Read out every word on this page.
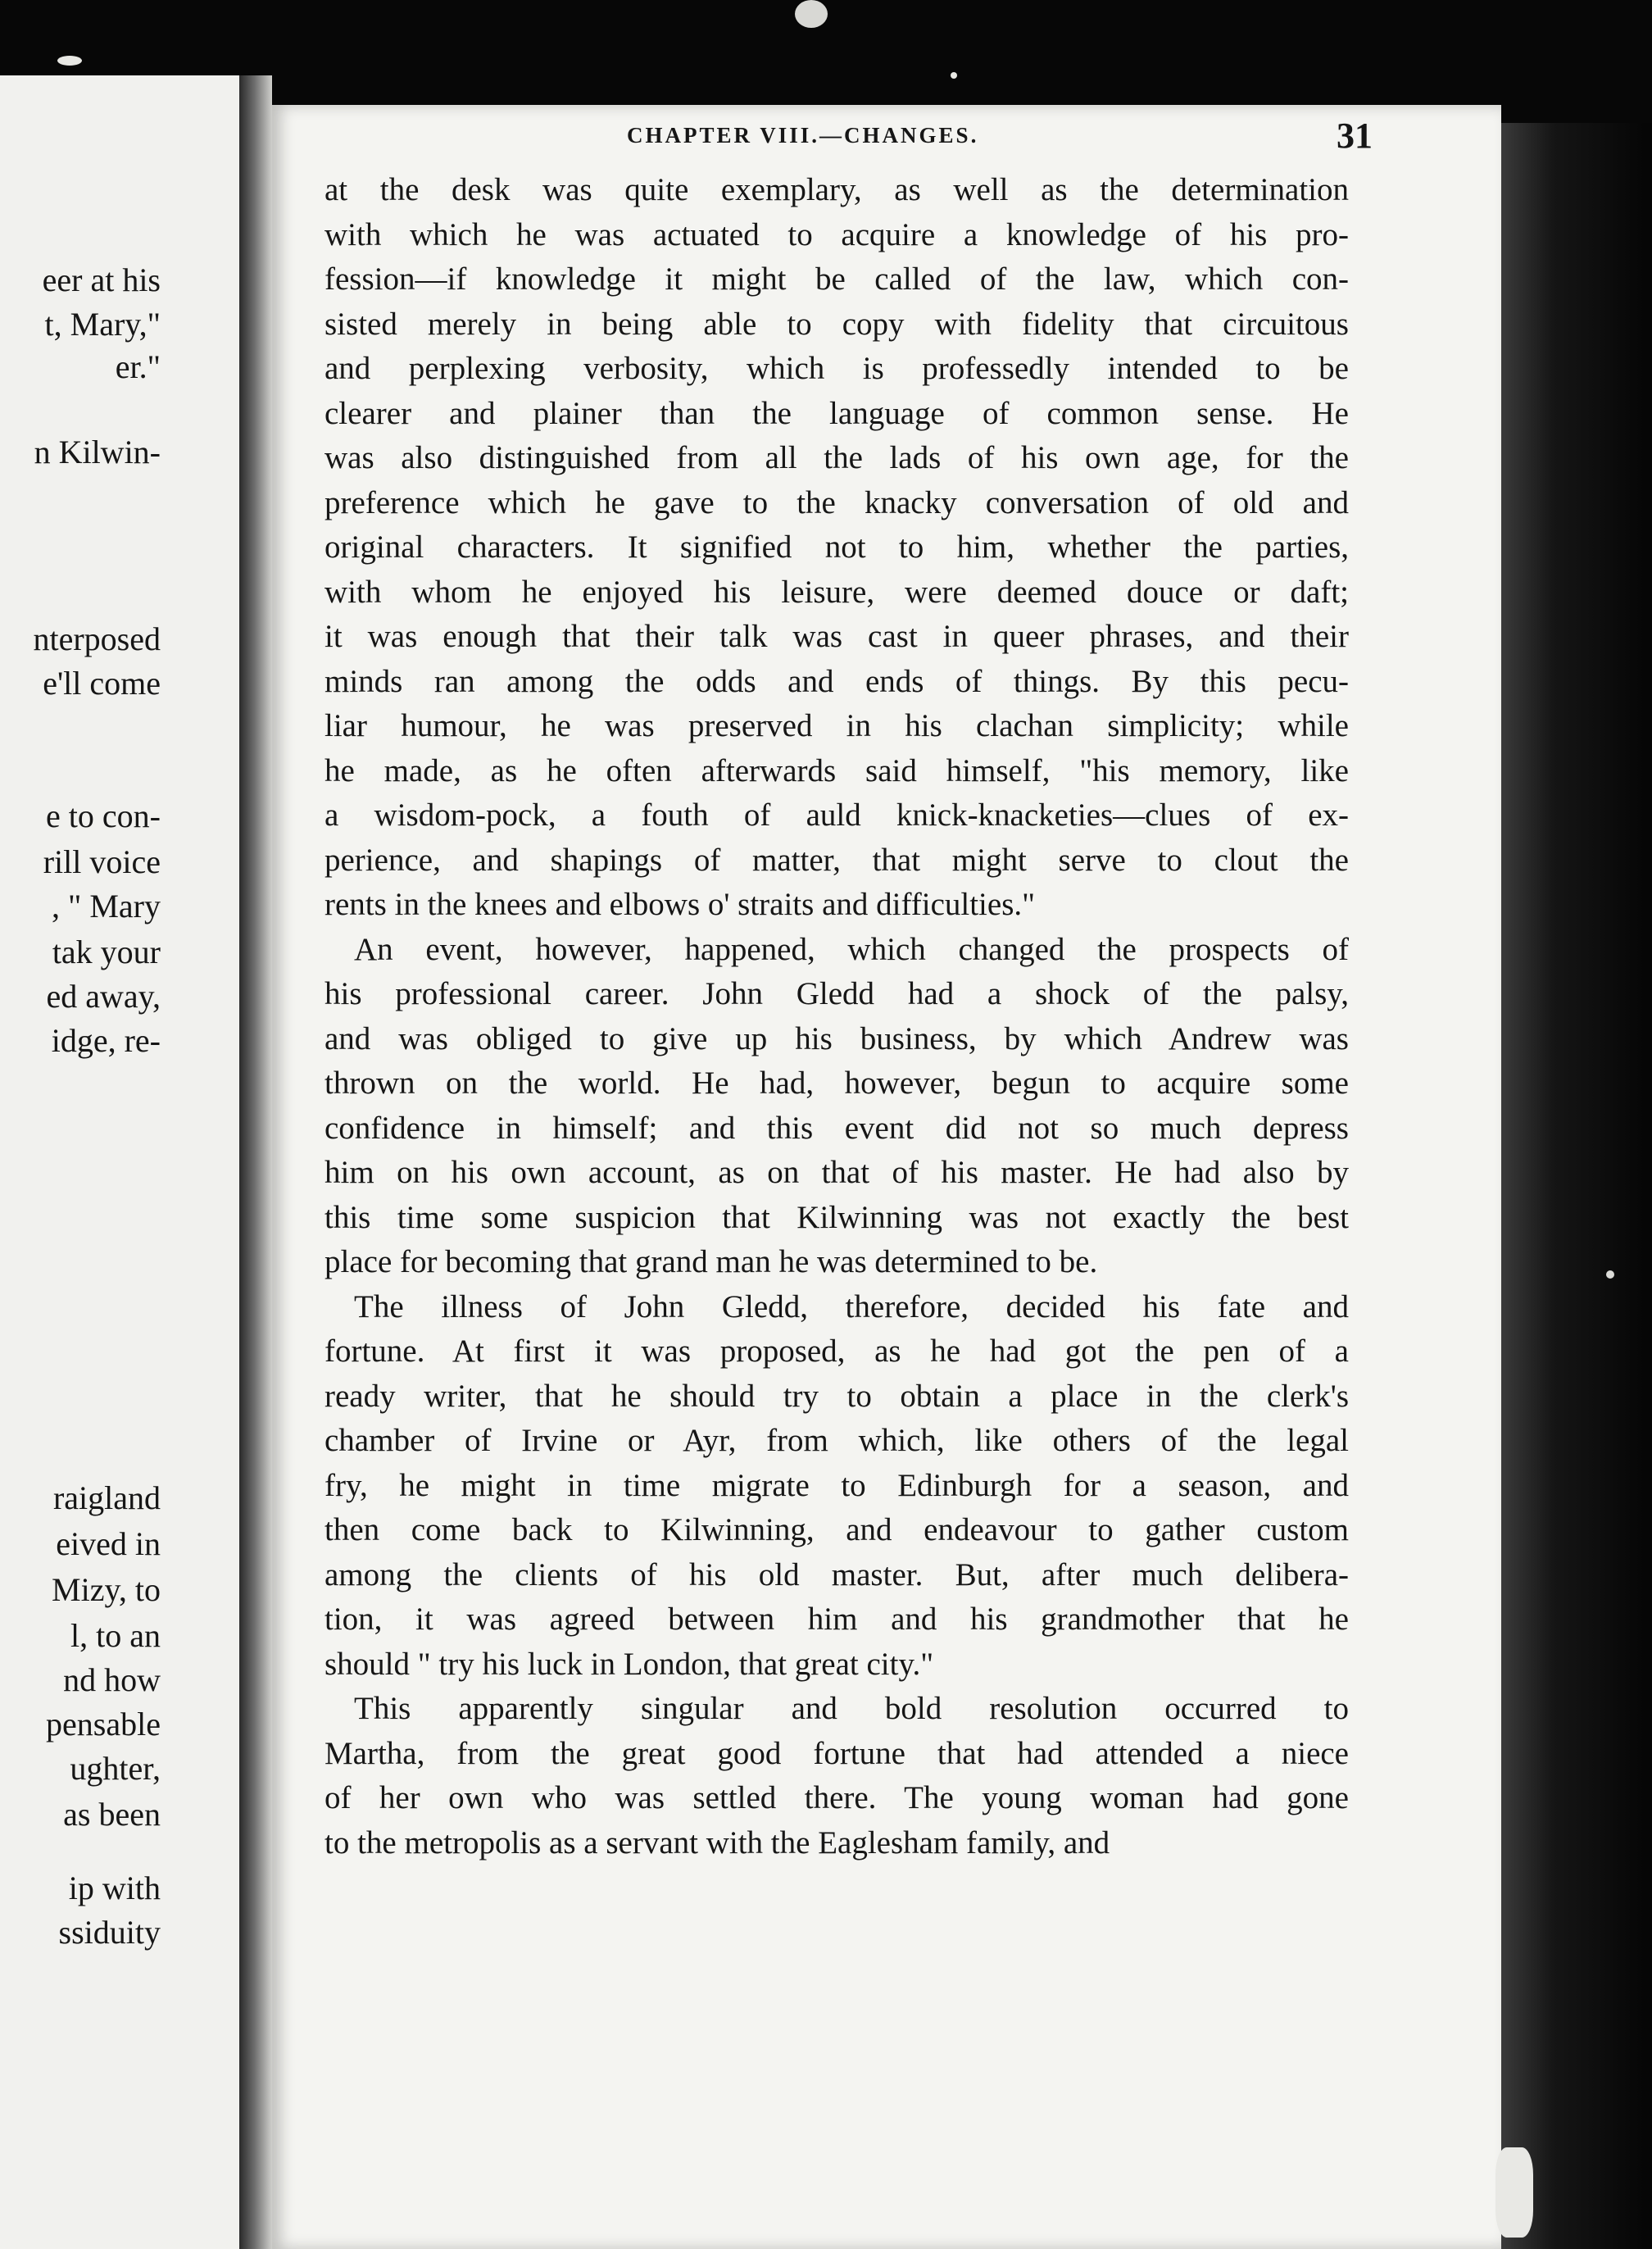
eer at his
t, Mary,"
er."
n Kilwin-
nterposed
e'll come
e to con-
rill voice
, " Mary
tak your
ed away,
idge, re-
raigland
eived in
Mizy, to
l, to an
nd how
pensable
ughter,
as been
ip with
ssiduity
CHAPTER VIII.—CHANGES.	31
at the desk was quite exemplary, as well as the determination
with which he was actuated to acquire a knowledge of his pro-
fession—if knowledge it might be called of the law, which con-
sisted merely in being able to copy with fidelity that circuitous
and perplexing verbosity, which is professedly intended to be
clearer and plainer than the language of common sense. He
was also distinguished from all the lads of his own age, for the
preference which he gave to the knacky conversation of old and
original characters. It signified not to him, whether the parties,
with whom he enjoyed his leisure, were deemed douce or daft;
it was enough that their talk was cast in queer phrases, and their
minds ran among the odds and ends of things. By this pecu-
liar humour, he was preserved in his clachan simplicity; while
he made, as he often afterwards said himself, "his memory, like
a wisdom-pock, a fouth of auld knick-knacketies—clues of ex-
perience, and shapings of matter, that might serve to clout the
rents in the knees and elbows o' straits and difficulties."
An event, however, happened, which changed the prospects of
his professional career. John Gledd had a shock of the palsy,
and was obliged to give up his business, by which Andrew was
thrown on the world. He had, however, begun to acquire some
confidence in himself; and this event did not so much depress
him on his own account, as on that of his master. He had also by
this time some suspicion that Kilwinning was not exactly the best
place for becoming that grand man he was determined to be.
The illness of John Gledd, therefore, decided his fate and
fortune. At first it was proposed, as he had got the pen of a
ready writer, that he should try to obtain a place in the clerk's
chamber of Irvine or Ayr, from which, like others of the legal
fry, he might in time migrate to Edinburgh for a season, and
then come back to Kilwinning, and endeavour to gather custom
among the clients of his old master. But, after much delibera-
tion, it was agreed between him and his grandmother that he
should " try his luck in London, that great city."
This apparently singular and bold resolution occurred to
Martha, from the great good fortune that had attended a niece
of her own who was settled there. The young woman had gone
to the metropolis as a servant with the Eaglesham family, and
